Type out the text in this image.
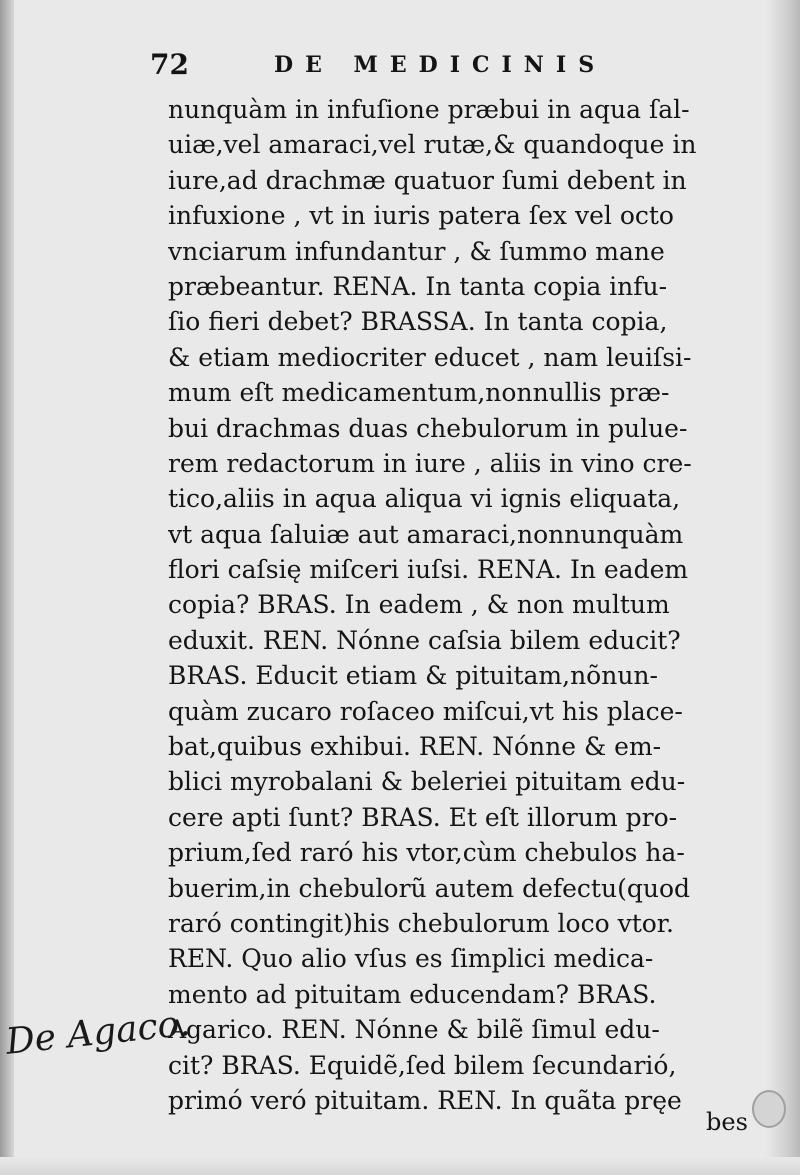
72	DE MEDICINIS
nunquàm in infuſione præbui in aqua ſal-
uiæ,vel amaraci,vel rutæ,& quandoque in
iure,ad drachmæ quatuor ſumi debent in
infuxione , vt in iuris patera ſex vel octo
vnciarum infundantur , & ſummo mane
præbeantur. RENA. In tanta copia infu-
ſio fieri debet? BRASSA. In tanta copia,
& etiam mediocriter educet , nam leuiſsi-
mum eſt medicamentum,nonnullis præ-
bui drachmas duas chebulorum in pulue-
rem redactorum in iure , aliis in vino cre-
tico,aliis in aqua aliqua vi ignis eliquata,
vt aqua ſaluiæ aut amaraci,nonnunquàm
flori caſsię miſceri iuſsi. RENA. In eadem
copia? BRAS. In eadem , & non multum
eduxit. REN. Nónne caſsia bilem educit?
BRAS. Educit etiam & pituitam,nõnun-
quàm zucaro roſaceo miſcui,vt his place-
bat,quibus exhibui. REN. Nónne & em-
blici myrobalani & beleriei pituitam edu-
cere apti ſunt? BRAS. Et eſt illorum pro-
prium,ſed raró his vtor,cùm chebulos ha-
buerim,in chebulorũ autem defectu(quod
raró contingit)his chebulorum loco vtor.
REN. Quo alio vſus es ſimplici medica-
mento ad pituitam educendam? BRAS.
Agarico. REN. Nónne & bilẽ ſimul edu-
cit? BRAS. Equidẽ,ſed bilem ſecundarió,
primó veró pituitam. REN. In quãta pręe
bes
De Agaco.
